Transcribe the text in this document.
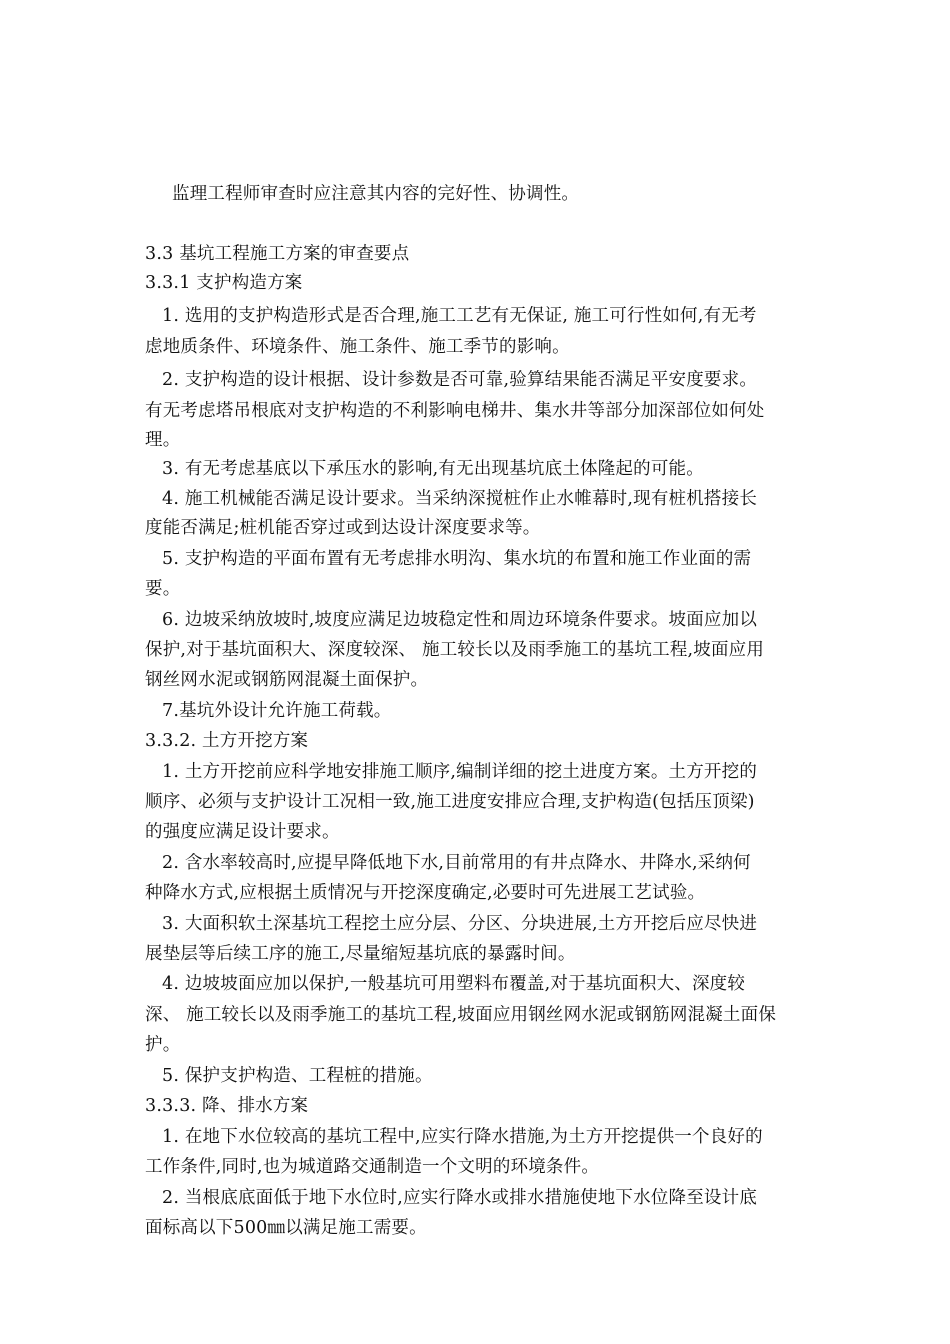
监理工程师审查时应注意其内容的完好性、协调性。
3.3 基坑工程施工方案的审查要点
3.3.1 支护构造方案
1. 选用的支护构造形式是否合理,施工工艺有无保证, 施工可行性如何,有无考
虑地质条件、环境条件、施工条件、施工季节的影响。
2. 支护构造的设计根据、设计参数是否可靠,验算结果能否满足平安度要求。
有无考虑塔吊根底对支护构造的不利影响电梯井、集水井等部分加深部位如何处
理。
3. 有无考虑基底以下承压水的影响,有无出现基坑底土体隆起的可能。
4. 施工机械能否满足设计要求。当采纳深搅桩作止水帷幕时,现有桩机搭接长
度能否满足;桩机能否穿过或到达设计深度要求等。
5. 支护构造的平面布置有无考虑排水明沟、集水坑的布置和施工作业面的需
要。
6. 边坡采纳放坡时,坡度应满足边坡稳定性和周边环境条件要求。坡面应加以
保护,对于基坑面积大、深度较深、 施工较长以及雨季施工的基坑工程,坡面应用
钢丝网水泥或钢筋网混凝土面保护。
7.基坑外设计允许施工荷载。
3.3.2. 土方开挖方案
1. 土方开挖前应科学地安排施工顺序,编制详细的挖土进度方案。土方开挖的
顺序、必须与支护设计工况相一致,施工进度安排应合理,支护构造(包括压顶梁)
的强度应满足设计要求。
2. 含水率较高时,应提早降低地下水,目前常用的有井点降水、井降水,采纳何
种降水方式,应根据土质情况与开挖深度确定,必要时可先进展工艺试验。
3. 大面积软土深基坑工程挖土应分层、分区、分块进展,土方开挖后应尽快进
展垫层等后续工序的施工,尽量缩短基坑底的暴露时间。
4. 边坡坡面应加以保护,一般基坑可用塑料布覆盖,对于基坑面积大、深度较
深、 施工较长以及雨季施工的基坑工程,坡面应用钢丝网水泥或钢筋网混凝土面保
护。
5. 保护支护构造、工程桩的措施。
3.3.3. 降、排水方案
1. 在地下水位较高的基坑工程中,应实行降水措施,为土方开挖提供一个良好的
工作条件,同时,也为城道路交通制造一个文明的环境条件。
2. 当根底底面低于地下水位时,应实行降水或排水措施使地下水位降至设计底
面标高以下500㎜以满足施工需要。
